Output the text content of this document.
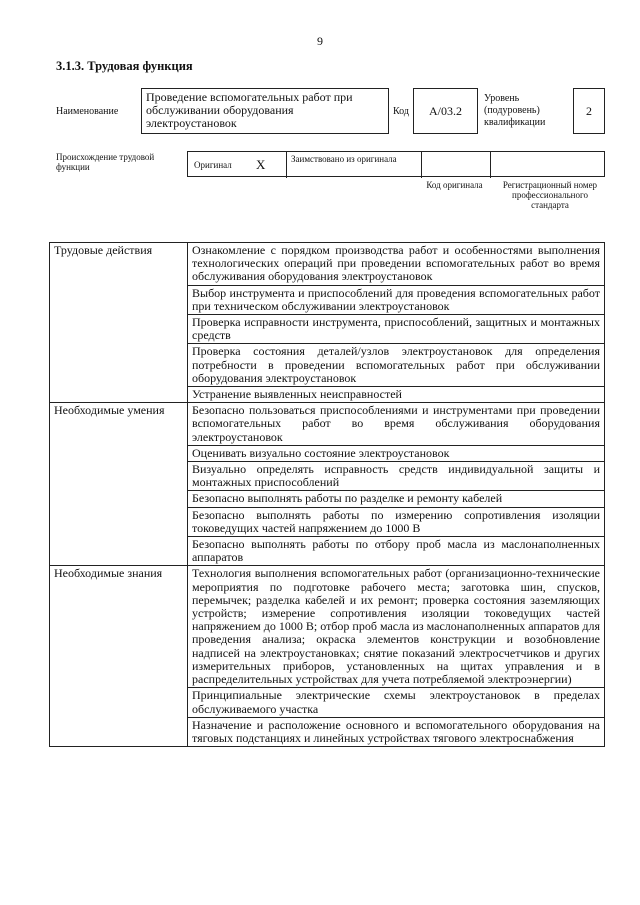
9
3.1.3. Трудовая функция
Наименование
Проведение вспомогательных работ при обслуживании оборудования электроустановок
Код А/03.2
Уровень (подуровень) квалификации
2
Происхождение трудовой функции	Оригинал X	Заимствовано из оригинала
Код оригинала	Регистрационный номер профессионального стандарта
Трудовые действия	Ознакомление с порядком производства работ и особенностями выполнения технологических операций при проведении вспомогательных работ во время обслуживания оборудования электроустановок
	Выбор инструмента и приспособлений для проведения вспомогательных работ при техническом обслуживании электроустановок
	Проверка исправности инструмента, приспособлений, защитных и монтажных средств
	Проверка состояния деталей/узлов электроустановок для определения потребности в проведении вспомогательных работ при обслуживании оборудования электроустановок
	Устранение выявленных неисправностей
Необходимые умения	Безопасно пользоваться приспособлениями и инструментами при проведении вспомогательных работ во время обслуживания оборудования электроустановок
	Оценивать визуально состояние электроустановок
	Визуально определять исправность средств индивидуальной защиты и монтажных приспособлений
	Безопасно выполнять работы по разделке и ремонту кабелей
	Безопасно выполнять работы по измерению сопротивления изоляции токоведущих частей напряжением до 1000 В
	Безопасно выполнять работы по отбору проб масла из маслонаполненных аппаратов
Необходимые знания	Технология выполнения вспомогательных работ (организационно-технические мероприятия по подготовке рабочего места; заготовка шин, спусков, перемычек; разделка кабелей и их ремонт; проверка состояния заземляющих устройств; измерение сопротивления изоляции токоведущих частей напряжением до 1000 В; отбор проб масла из маслонаполненных аппаратов для проведения анализа; окраска элементов конструкции и возобновление надписей на электроустановках; снятие показаний электросчетчиков и других измерительных приборов, установленных на щитах управления и в распределительных устройствах для учета потребляемой электроэнергии)
	Принципиальные электрические схемы электроустановок в пределах обслуживаемого участка
	Назначение и расположение основного и вспомогательного оборудования на тяговых подстанциях и линейных устройствах тягового электроснабжения
